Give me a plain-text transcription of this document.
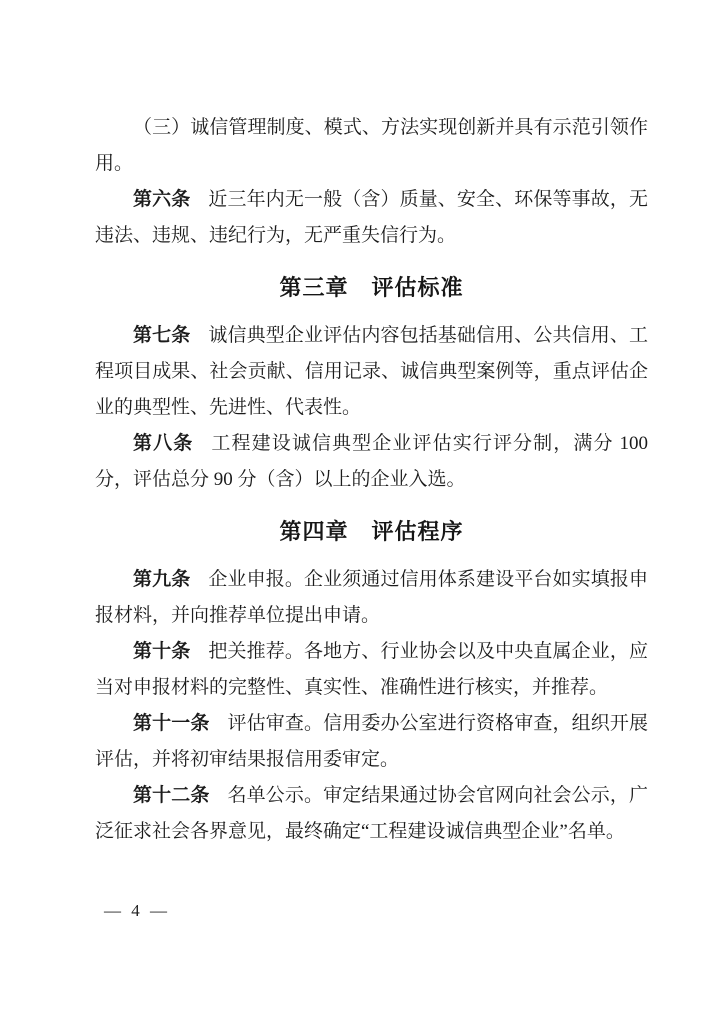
（三）诚信管理制度、模式、方法实现创新并具有示范引领作用。

第六条 近三年内无一般（含）质量、安全、环保等事故，无违法、违规、违纪行为，无严重失信行为。

第三章　评估标准

第七条 诚信典型企业评估内容包括基础信用、公共信用、工程项目成果、社会贡献、信用记录、诚信典型案例等，重点评估企业的典型性、先进性、代表性。

第八条 工程建设诚信典型企业评估实行评分制，满分 100 分，评估总分 90 分（含）以上的企业入选。

第四章　评估程序

第九条 企业申报。企业须通过信用体系建设平台如实填报申报材料，并向推荐单位提出申请。

第十条 把关推荐。各地方、行业协会以及中央直属企业，应当对申报材料的完整性、真实性、准确性进行核实，并推荐。

第十一条 评估审查。信用委办公室进行资格审查，组织开展评估，并将初审结果报信用委审定。

第十二条 名单公示。审定结果通过协会官网向社会公示，广泛征求社会各界意见，最终确定“工程建设诚信典型企业”名单。

— 4 —
